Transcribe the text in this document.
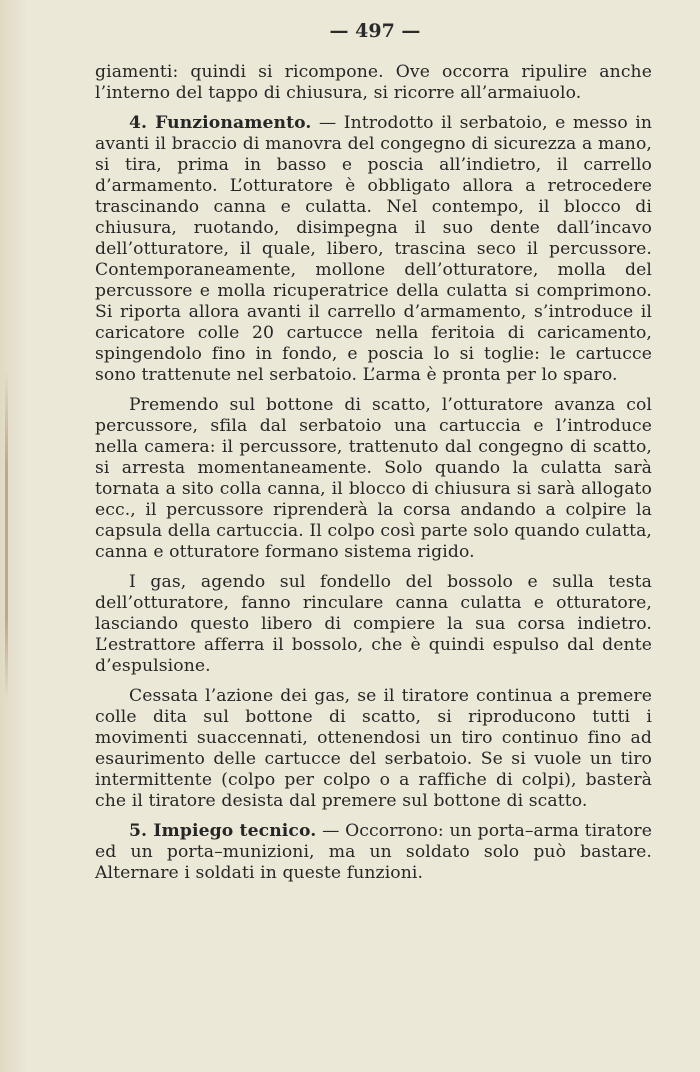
— 497 —

giamenti: quindi si ricompone. Ove occorra ripulire anche l’interno del tappo di chiusura, si ricorre all’armaiuolo.

4. Funzionamento. — Introdotto il serbatoio, e messo in avanti il braccio di manovra del congegno di sicurezza a mano, si tira, prima in basso e poscia all’indietro, il carrello d’armamento. L’otturatore è obbligato allora a retrocedere trascinando canna e culatta. Nel contempo, il blocco di chiusura, ruotando, disimpegna il suo dente dall’incavo dell’otturatore, il quale, libero, trascina seco il percussore. Contemporaneamente, mollone dell’otturatore, molla del percussore e molla ricuperatrice della culatta si comprimono. Si riporta allora avanti il carrello d’armamento, s’introduce il caricatore colle 20 cartucce nella feritoia di caricamento, spingendolo fino in fondo, e poscia lo si toglie: le cartucce sono trattenute nel serbatoio. L’arma è pronta per lo sparo.

Premendo sul bottone di scatto, l’otturatore avanza col percussore, sfila dal serbatoio una cartuccia e l’introduce nella camera: il percussore, trattenuto dal congegno di scatto, si arresta momentaneamente. Solo quando la culatta sarà tornata a sito colla canna, il blocco di chiusura si sarà allogato ecc., il percussore riprenderà la corsa andando a colpire la capsula della cartuccia. Il colpo così parte solo quando culatta, canna e otturatore formano sistema rigido.

I gas, agendo sul fondello del bossolo e sulla testa dell’otturatore, fanno rinculare canna culatta e otturatore, lasciando questo libero di compiere la sua corsa indietro. L’estrattore afferra il bossolo, che è quindi espulso dal dente d’espulsione.

Cessata l’azione dei gas, se il tiratore continua a premere colle dita sul bottone di scatto, si riproducono tutti i movimenti suaccennati, ottenendosi un tiro continuo fino ad esaurimento delle cartucce del serbatoio. Se si vuole un tiro intermittente (colpo per colpo o a raffiche di colpi), basterà che il tiratore desista dal premere sul bottone di scatto.

5. Impiego tecnico. — Occorrono: un porta–arma tiratore ed un porta–munizioni, ma un soldato solo può bastare. Alternare i soldati in queste funzioni.
